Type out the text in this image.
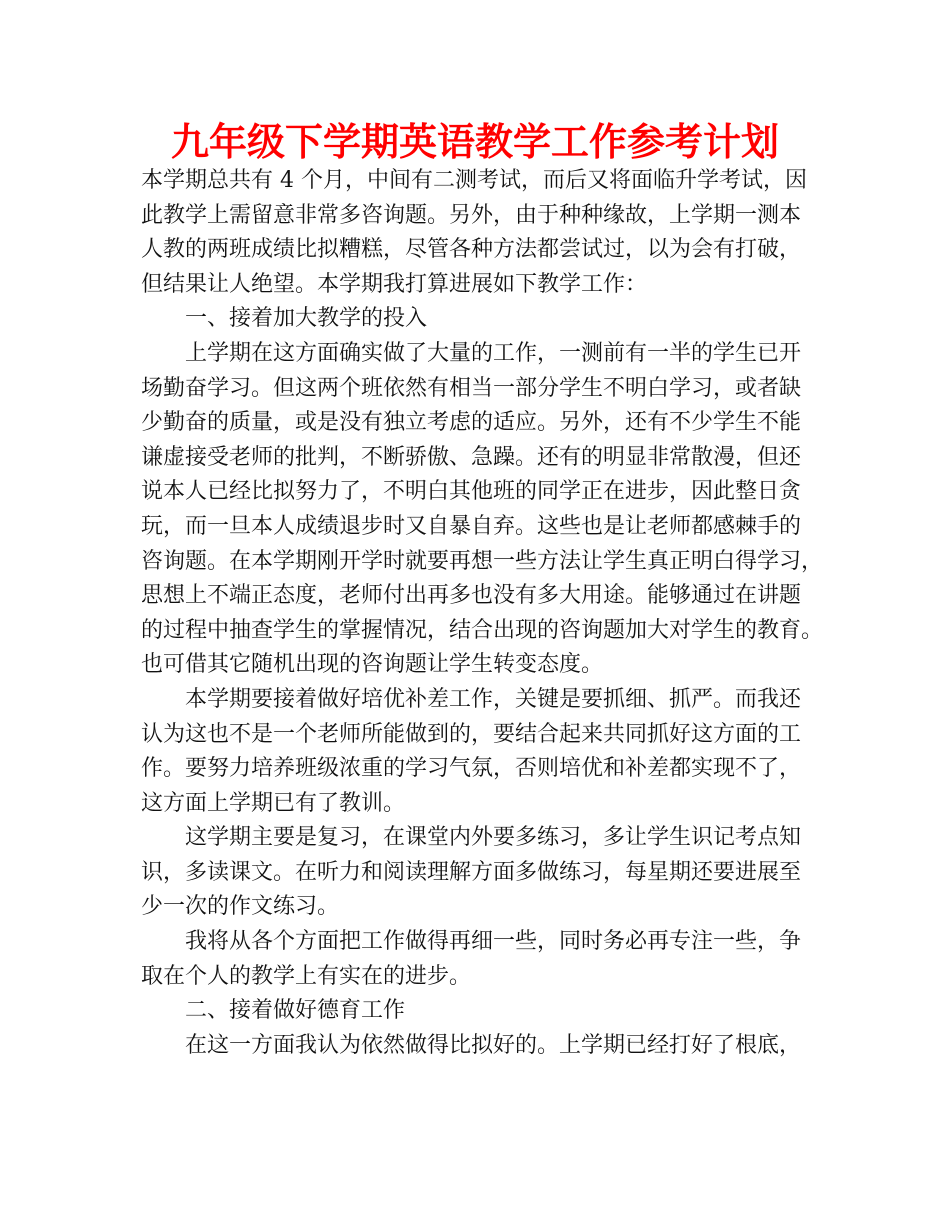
九年级下学期英语教学工作参考计划
本学期总共有 4 个月，中间有二测考试，而后又将面临升学考试，因
此教学上需留意非常多咨询题。另外，由于种种缘故，上学期一测本
人教的两班成绩比拟糟糕，尽管各种方法都尝试过，以为会有打破，
但结果让人绝望。本学期我打算进展如下教学工作：
一、接着加大教学的投入
上学期在这方面确实做了大量的工作，一测前有一半的学生已开
场勤奋学习。但这两个班依然有相当一部分学生不明白学习，或者缺
少勤奋的质量，或是没有独立考虑的适应。另外，还有不少学生不能
谦虚接受老师的批判，不断骄傲、急躁。还有的明显非常散漫，但还
说本人已经比拟努力了，不明白其他班的同学正在进步，因此整日贪
玩，而一旦本人成绩退步时又自暴自弃。这些也是让老师都感棘手的
咨询题。在本学期刚开学时就要再想一些方法让学生真正明白得学习，
思想上不端正态度，老师付出再多也没有多大用途。能够通过在讲题
的过程中抽查学生的掌握情况，结合出现的咨询题加大对学生的教育。
也可借其它随机出现的咨询题让学生转变态度。
本学期要接着做好培优补差工作，关键是要抓细、抓严。而我还
认为这也不是一个老师所能做到的，要结合起来共同抓好这方面的工
作。要努力培养班级浓重的学习气氛，否则培优和补差都实现不了，
这方面上学期已有了教训。
这学期主要是复习，在课堂内外要多练习，多让学生识记考点知
识，多读课文。在听力和阅读理解方面多做练习，每星期还要进展至
少一次的作文练习。
我将从各个方面把工作做得再细一些，同时务必再专注一些，争
取在个人的教学上有实在的进步。
二、接着做好德育工作
在这一方面我认为依然做得比拟好的。上学期已经打好了根底，
